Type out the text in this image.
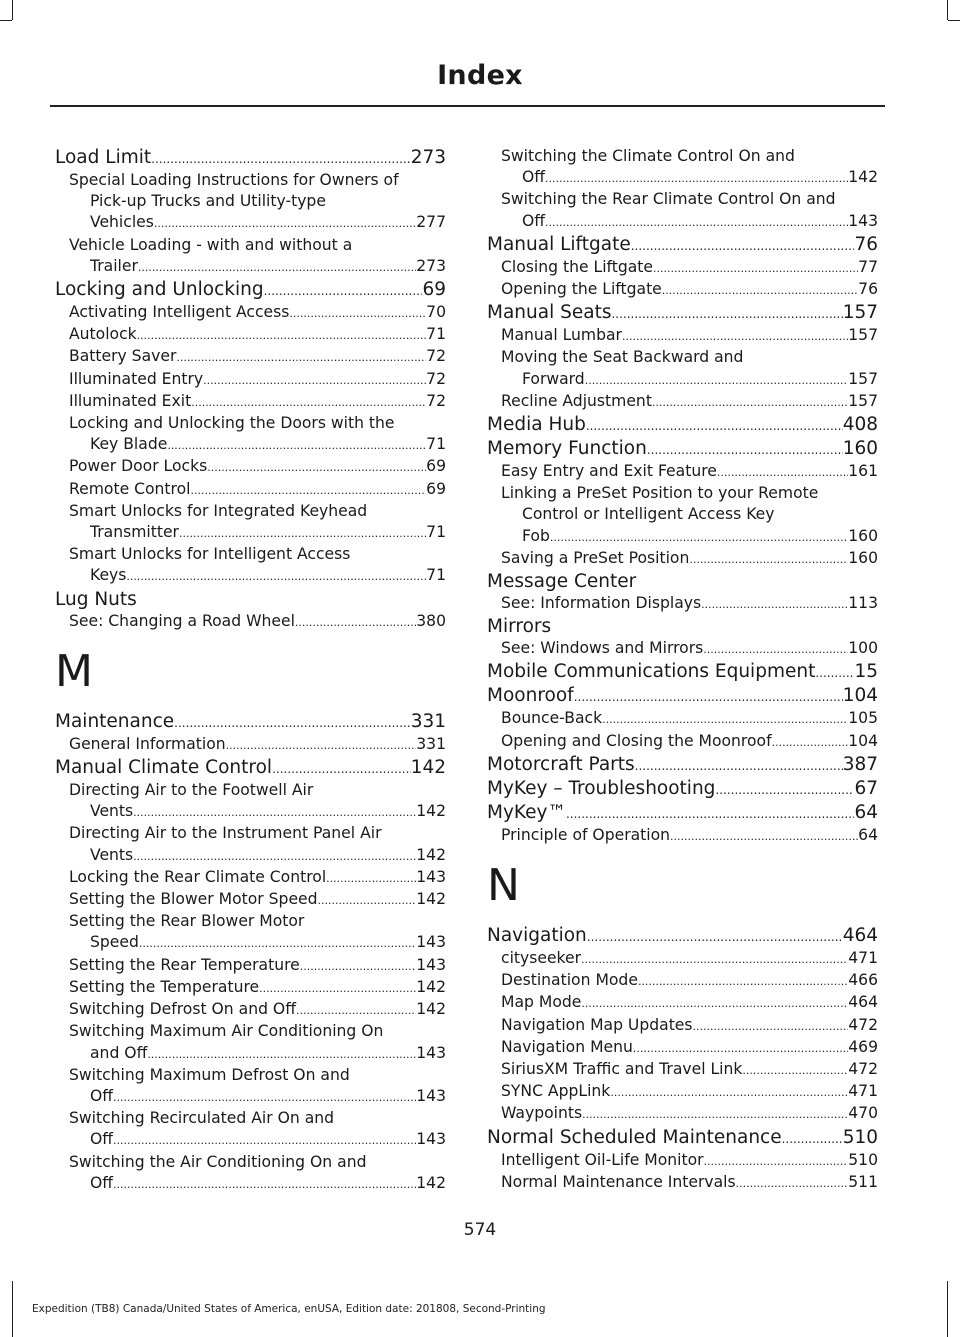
Index
Load Limit .....	273
Special Loading Instructions for Owners of
Pick-up Trucks and Utility-type
Vehicles .....	277
Vehicle Loading - with and without a
Trailer .....	273
Locking and Unlocking .....	69
Activating Intelligent Access .....	70
Autolock .....	71
Battery Saver .....	72
Illuminated Entry .....	72
Illuminated Exit .....	72
Locking and Unlocking the Doors with the
Key Blade .....	71
Power Door Locks .....	69
Remote Control .....	69
Smart Unlocks for Integrated Keyhead
Transmitter .....	71
Smart Unlocks for Intelligent Access
Keys .....	71
Lug Nuts
See: Changing a Road Wheel .....	380
M
Maintenance .....	331
General Information .....	331
Manual Climate Control .....	142
Directing Air to the Footwell Air
Vents .....	142
Directing Air to the Instrument Panel Air
Vents .....	142
Locking the Rear Climate Control .....	143
Setting the Blower Motor Speed .....	142
Setting the Rear Blower Motor
Speed .....	143
Setting the Rear Temperature .....	143
Setting the Temperature .....	142
Switching Defrost On and Off .....	142
Switching Maximum Air Conditioning On
and Off .....	143
Switching Maximum Defrost On and
Off .....	143
Switching Recirculated Air On and
Off .....	143
Switching the Air Conditioning On and
Off .....	142
Switching the Climate Control On and
Off .....	142
Switching the Rear Climate Control On and
Off .....	143
Manual Liftgate .....	76
Closing the Liftgate .....	77
Opening the Liftgate .....	76
Manual Seats .....	157
Manual Lumbar .....	157
Moving the Seat Backward and
Forward .....	157
Recline Adjustment .....	157
Media Hub .....	408
Memory Function .....	160
Easy Entry and Exit Feature .....	161
Linking a PreSet Position to your Remote
Control or Intelligent Access Key
Fob .....	160
Saving a PreSet Position .....	160
Message Center
See: Information Displays .....	113
Mirrors
See: Windows and Mirrors .....	100
Mobile Communications Equipment ..... 15
Moonroof .....	104
Bounce-Back .....	105
Opening and Closing the Moonroof .....	104
Motorcraft Parts .....	387
MyKey – Troubleshooting .....	67
MyKey™ .....	64
Principle of Operation .....	64
N
Navigation .....	464
cityseeker .....	471
Destination Mode .....	466
Map Mode .....	464
Navigation Map Updates .....	472
Navigation Menu .....	469
SiriusXM Traffic and Travel Link .....	472
SYNC AppLink .....	471
Waypoints .....	470
Normal Scheduled Maintenance .....	510
Intelligent Oil-Life Monitor .....	510
Normal Maintenance Intervals .....	511
574
Expedition (TB8) Canada/United States of America, enUSA, Edition date: 201808, Second-Printing
